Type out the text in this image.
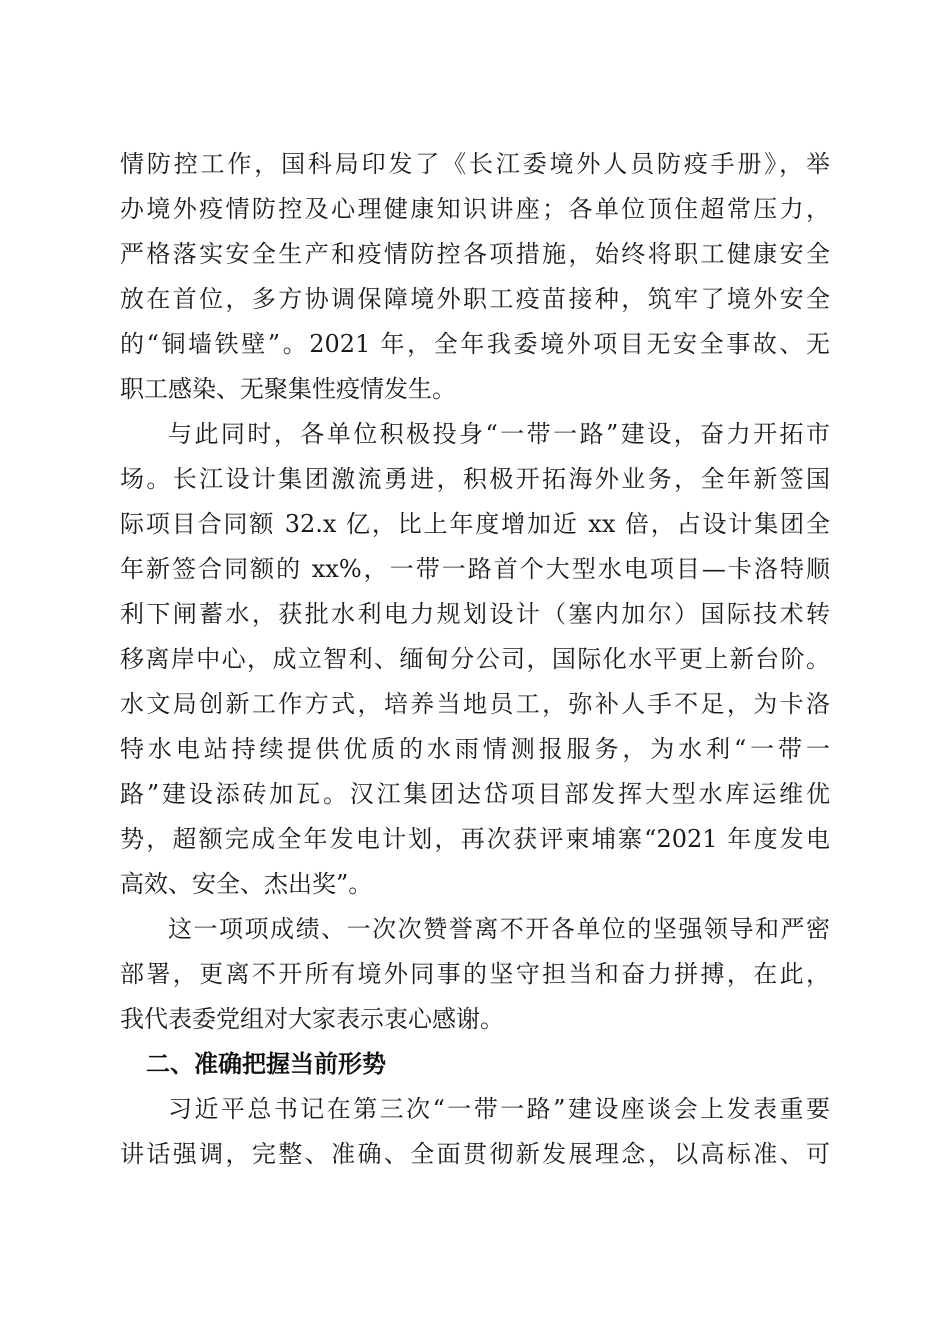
情防控工作，国科局印发了《长江委境外人员防疫手册》，举
办境外疫情防控及心理健康知识讲座；各单位顶住超常压力，
严格落实安全生产和疫情防控各项措施，始终将职工健康安全
放在首位，多方协调保障境外职工疫苗接种，筑牢了境外安全
的“铜墙铁壁”。2021 年，全年我委境外项目无安全事故、无
职工感染、无聚集性疫情发生。
与此同时，各单位积极投身“一带一路”建设，奋力开拓市
场。长江设计集团激流勇进，积极开拓海外业务，全年新签国
际项目合同额 32.x 亿，比上年度增加近 xx 倍，占设计集团全
年新签合同额的 xx%，一带一路首个大型水电项目—卡洛特顺
利下闸蓄水，获批水利电力规划设计（塞内加尔）国际技术转
移离岸中心，成立智利、缅甸分公司，国际化水平更上新台阶。
水文局创新工作方式，培养当地员工，弥补人手不足，为卡洛
特水电站持续提供优质的水雨情测报服务，为水利“一带一
路”建设添砖加瓦。汉江集团达岱项目部发挥大型水库运维优
势，超额完成全年发电计划，再次获评柬埔寨“2021 年度发电
高效、安全、杰出奖”。
这一项项成绩、一次次赞誉离不开各单位的坚强领导和严密
部署，更离不开所有境外同事的坚守担当和奋力拼搏，在此，
我代表委党组对大家表示衷心感谢。
二、准确把握当前形势
习近平总书记在第三次“一带一路”建设座谈会上发表重要
讲话强调，完整、准确、全面贯彻新发展理念，以高标准、可
